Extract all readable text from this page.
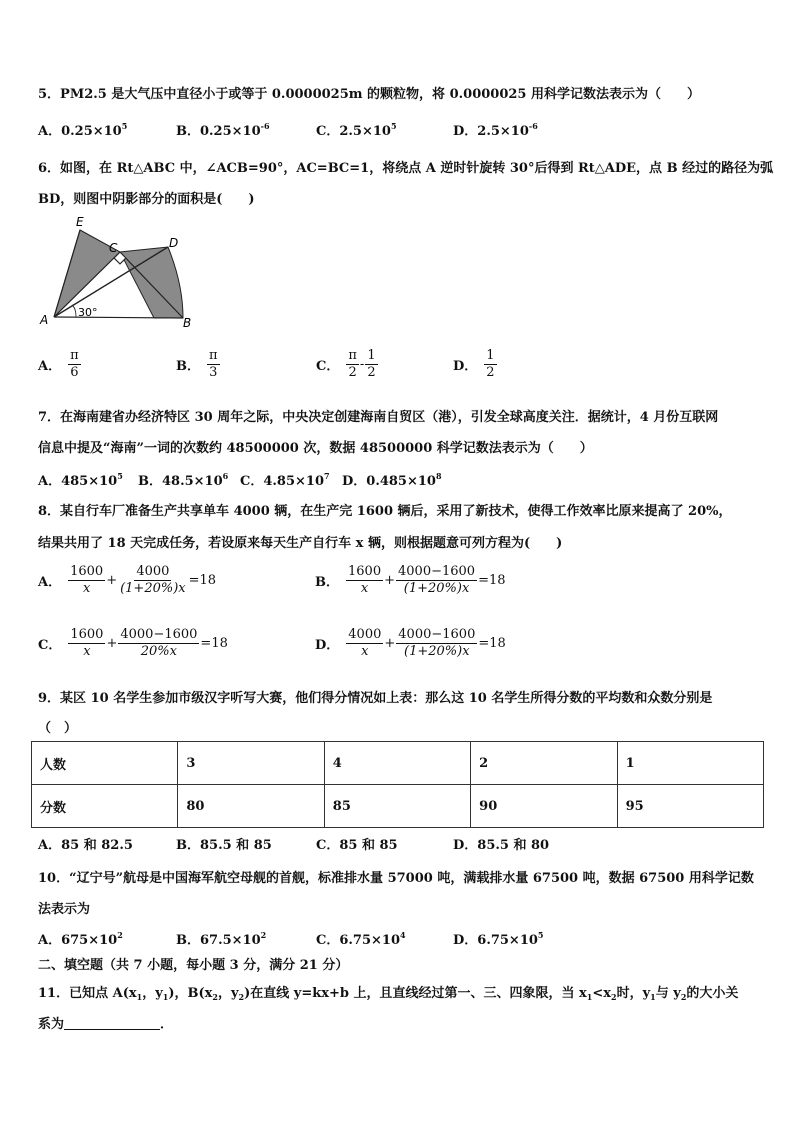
5．PM2.5 是大气压中直径小于或等于 0.0000025m 的颗粒物，将 0.0000025 用科学记数法表示为（　　）
A．$0.25\times 10^5$	B．$0.25\times 10^{-6}$	C．$2.5\times 10^5$	D．$2.5\times 10^{-6}$
6．如图，在 Rt△ABC 中，∠ACB=90°，AC=BC=1，将绕点 A 逆时针旋转 30°后得到 Rt△ADE，点 B 经过的路径为弧
BD，则图中阴影部分的面积是(　　)
E
C	D
A	B
30°
A． $\frac{\pi}{6}$	B． $\frac{\pi}{3}$	C． $\frac{\pi}{2} - \frac{1}{2}$	D． $\frac{1}{2}$
7．在海南建省办经济特区 30 周年之际，中央决定创建海南自贸区（港），引发全球高度关注．据统计，4 月份互联网
信息中提及“海南”一词的次数约 48500000 次，数据 48500000 科学记数法表示为（　　）
A．$485\times 10^5$ B．$48.5\times 10^6$ C．$4.85\times 10^7$ D．$0.485\times 10^8$
8．某自行车厂准备生产共享单车 4000 辆，在生产完 1600 辆后，采用了新技术，使得工作效率比原来提高了 20%，
结果共用了 18 天完成任务，若设原来每天生产自行车 x 辆，则根据题意可列方程为(　　)
A． $\frac{1600}{x} + \frac{4000}{(1+20\%)x} =18$	B． $\frac{1600}{x} + \frac{4000-1600}{(1+20\%)x} =18$
C． $\frac{1600}{x} + \frac{4000-1600}{20\%x} =18$	D． $\frac{4000}{x} + \frac{4000-1600}{(1+20\%)x} =18$
9．某区 10 名学生参加市级汉字听写大赛，他们得分情况如上表：那么这 10 名学生所得分数的平均数和众数分别是
（　）
人数	3	4	2	1
分数	80	85	90	95
A．85 和 82.5	B．85.5 和 85	C．85 和 85	D．85.5 和 80
10．“辽宁号”航母是中国海军航空母舰的首舰，标准排水量 57000 吨，满载排水量 67500 吨，数据 67500 用科学记数
法表示为
A．$675\times 10^2$	B．$67.5\times 10^2$	C．$6.75\times 10^4$	D．$6.75\times 10^5$
二、填空题（共 7 小题，每小题 3 分，满分 21 分）
11．已知点 $A(x_1$，$y_1$)，$B(x_2$，$y_2$)在直线 y=kx+b 上，且直线经过第一、三、四象限，当 $x_1<x_2$时，$y_1$与 $y_2$的大小关
系为	．
